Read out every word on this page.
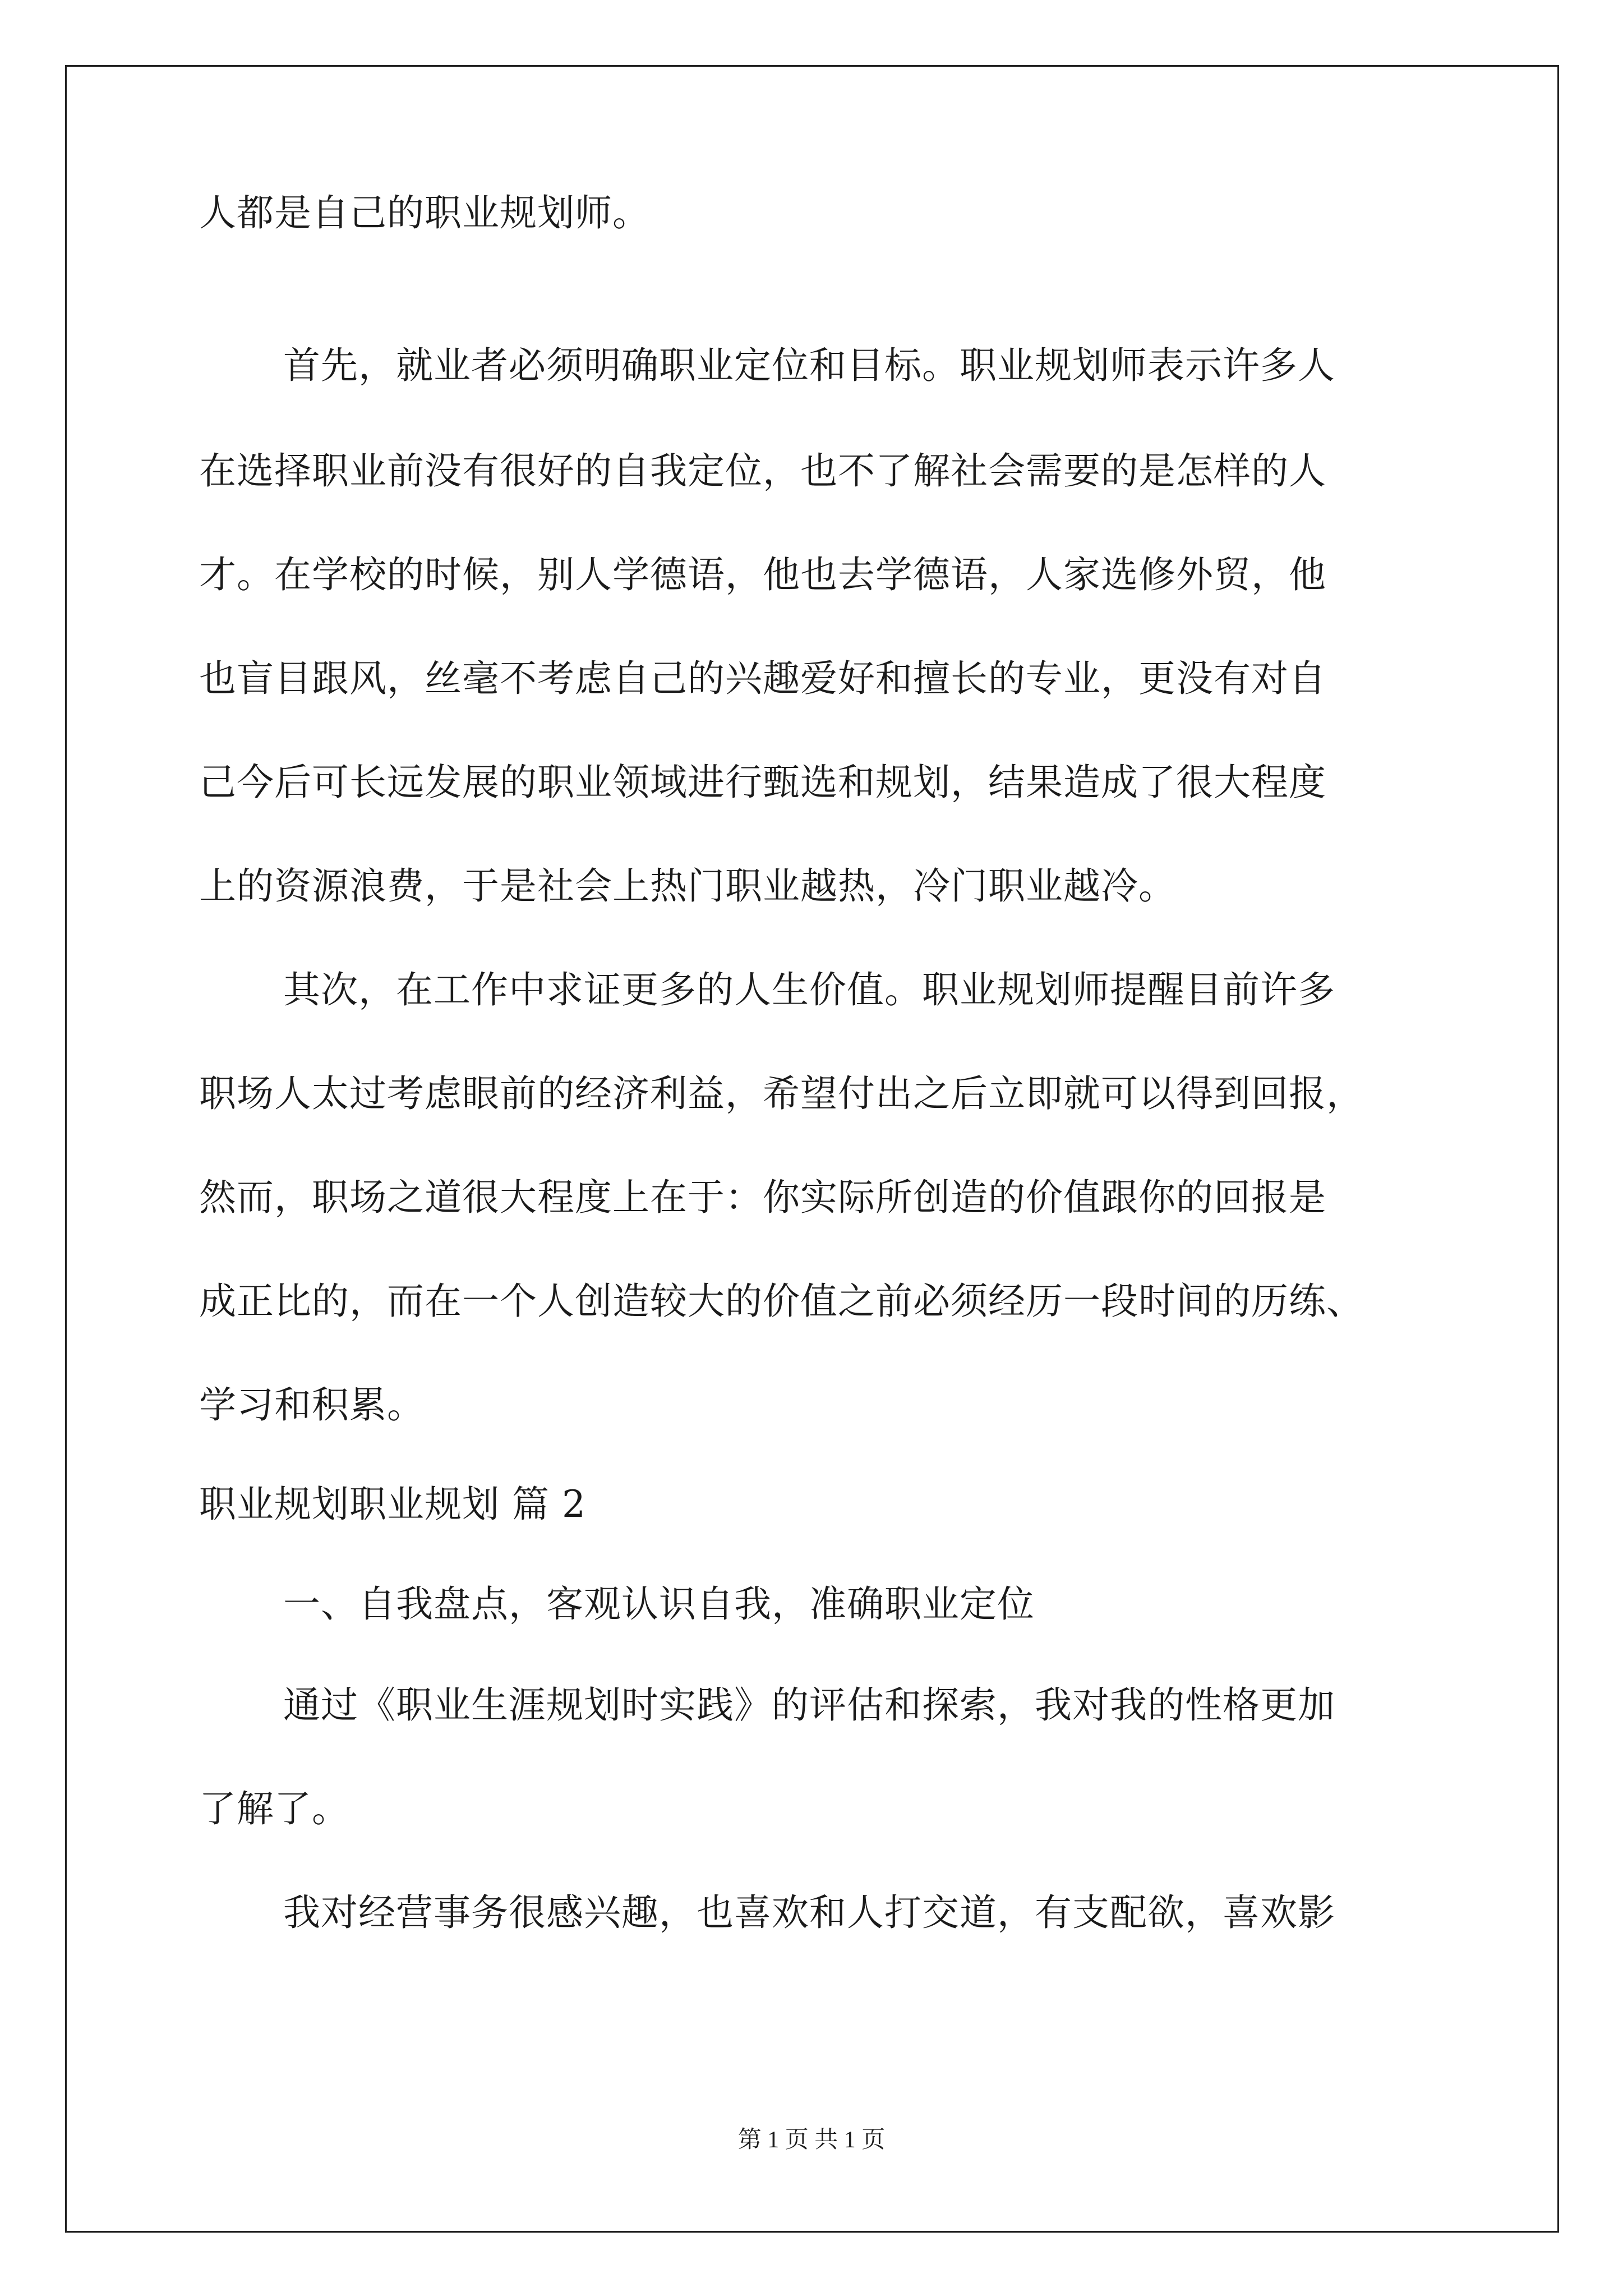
人都是自己的职业规划师。
首先，就业者必须明确职业定位和目标。职业规划师表示许多人
在选择职业前没有很好的自我定位，也不了解社会需要的是怎样的人
才。在学校的时候，别人学德语，他也去学德语，人家选修外贸，他
也盲目跟风，丝毫不考虑自己的兴趣爱好和擅长的专业，更没有对自
己今后可长远发展的职业领域进行甄选和规划，结果造成了很大程度
上的资源浪费，于是社会上热门职业越热，冷门职业越冷。
其次，在工作中求证更多的人生价值。职业规划师提醒目前许多
职场人太过考虑眼前的经济利益，希望付出之后立即就可以得到回报，
然而，职场之道很大程度上在于：你实际所创造的价值跟你的回报是
成正比的，而在一个人创造较大的价值之前必须经历一段时间的历练、
学习和积累。
职业规划职业规划 篇 2
一、自我盘点，客观认识自我，准确职业定位
通过《职业生涯规划时实践》的评估和探索，我对我的性格更加
了解了。
我对经营事务很感兴趣，也喜欢和人打交道，有支配欲，喜欢影
第 1 页 共 1 页
